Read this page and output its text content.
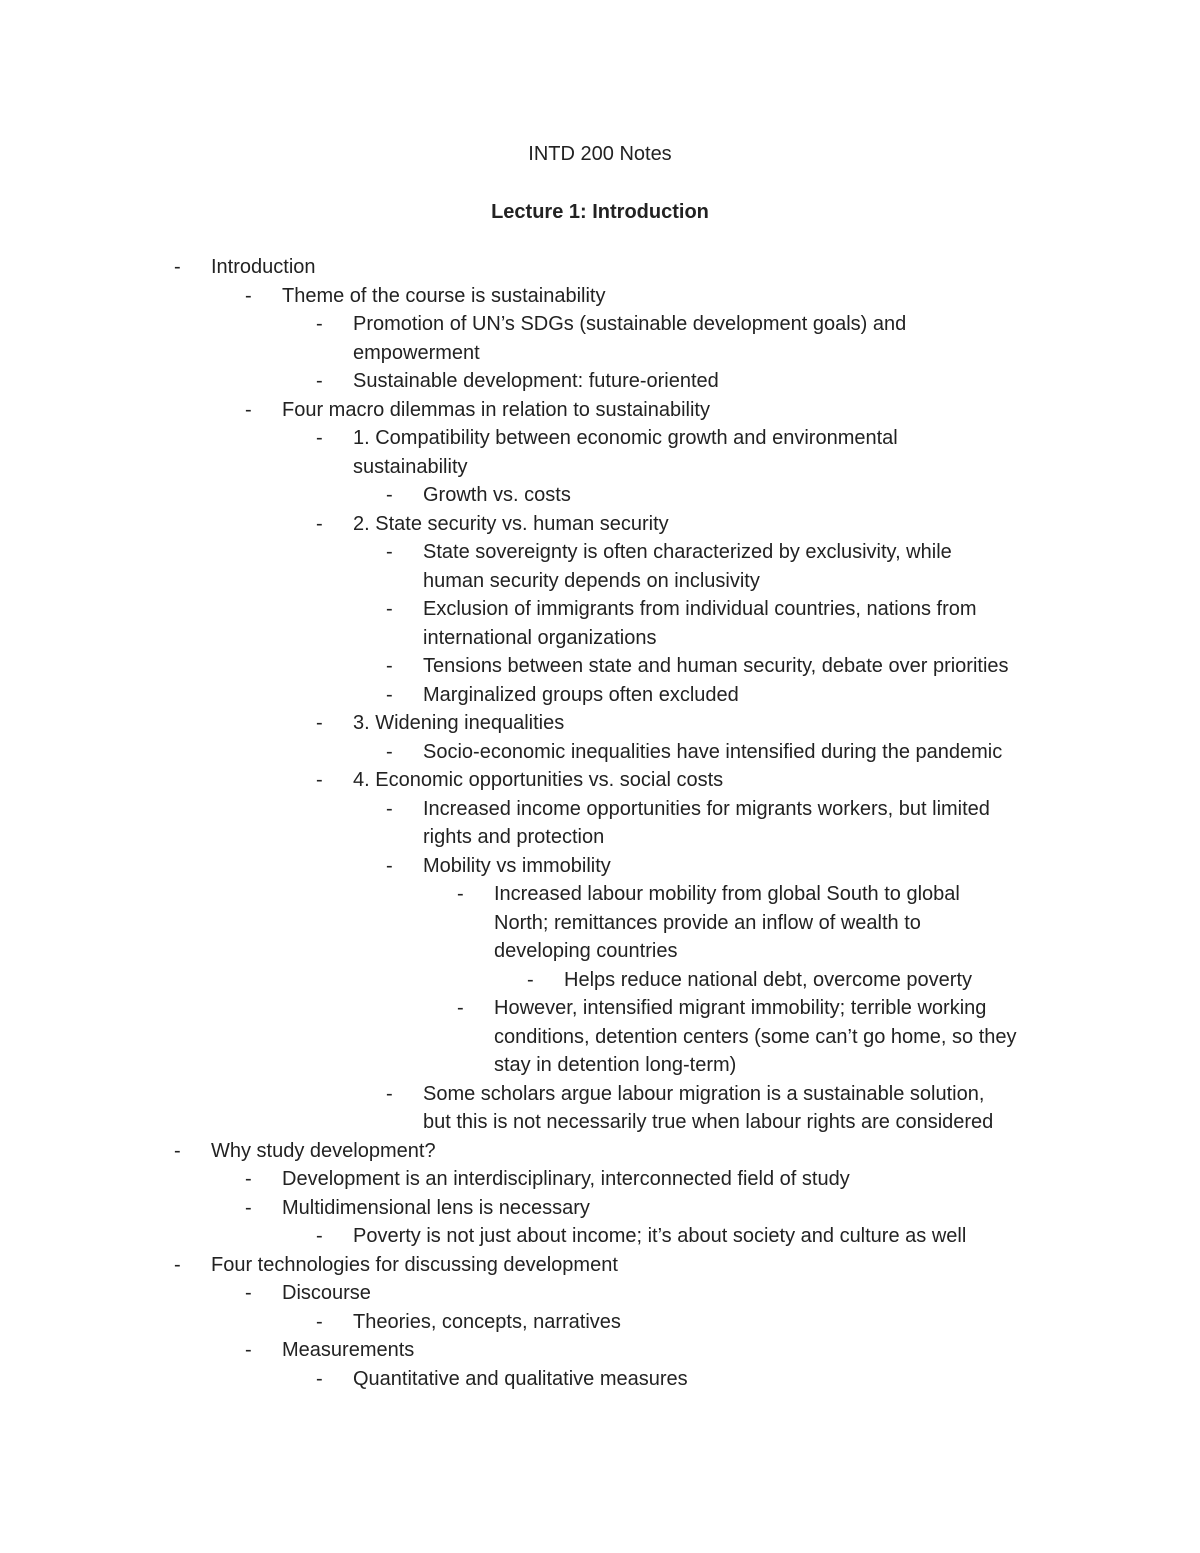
INTD 200 Notes
Lecture 1: Introduction
- Introduction
- Theme of the course is sustainability
- Promotion of UN’s SDGs (sustainable development goals) and
empowerment
- Sustainable development: future-oriented
- Four macro dilemmas in relation to sustainability
- 1. Compatibility between economic growth and environmental
sustainability
- Growth vs. costs
- 2. State security vs. human security
- State sovereignty is often characterized by exclusivity, while
human security depends on inclusivity
- Exclusion of immigrants from individual countries, nations from
international organizations
- Tensions between state and human security, debate over priorities
- Marginalized groups often excluded
- 3. Widening inequalities
- Socio-economic inequalities have intensified during the pandemic
- 4. Economic opportunities vs. social costs
- Increased income opportunities for migrants workers, but limited
rights and protection
- Mobility vs immobility
- Increased labour mobility from global South to global
North; remittances provide an inflow of wealth to
developing countries
- Helps reduce national debt, overcome poverty
- However, intensified migrant immobility; terrible working
conditions, detention centers (some can’t go home, so they
stay in detention long-term)
- Some scholars argue labour migration is a sustainable solution,
but this is not necessarily true when labour rights are considered
- Why study development?
- Development is an interdisciplinary, interconnected field of study
- Multidimensional lens is necessary
- Poverty is not just about income; it’s about society and culture as well
- Four technologies for discussing development
- Discourse
- Theories, concepts, narratives
- Measurements
- Quantitative and qualitative measures
